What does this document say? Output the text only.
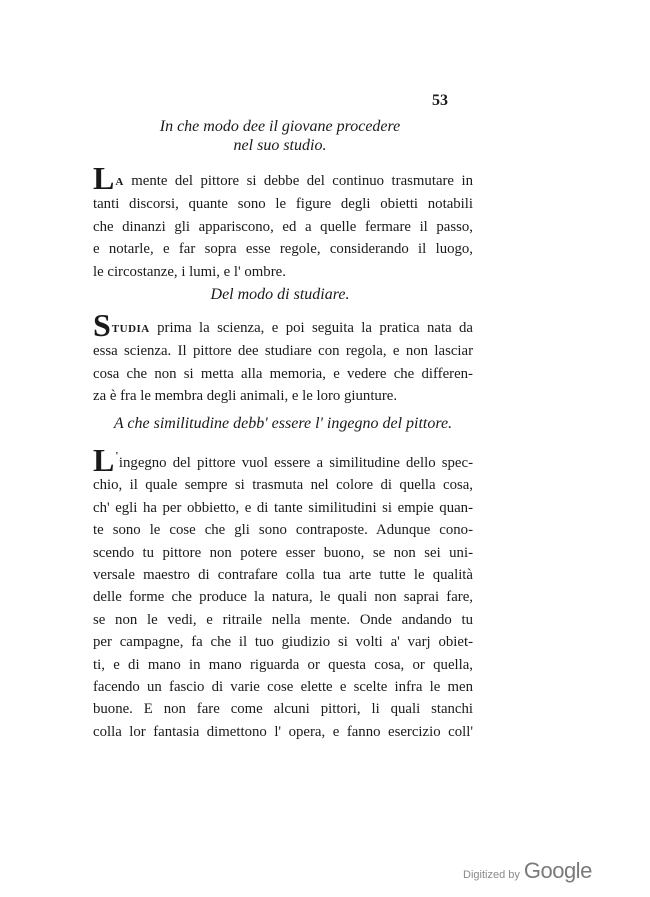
53
In che modo dee il giovane procedere
nel suo studio.
LA mente del pittore si debbe del continuo trasmutare in
tanti discorsi, quante sono le figure degli obietti notabili
che dinanzi gli appariscono, ed a quelle fermare il passo,
e notarle, e far sopra esse regole, considerando il luogo,
le circostanze, i lumi, e l' ombre.
Del modo di studiare.
STUDIA prima la scienza, e poi seguita la pratica nata da
essa scienza. Il pittore dee studiare con regola, e non lasciar
cosa che non si metta alla memoria, e vedere che differen-
za è fra le membra degli animali, e le loro giunture.
A che similitudine debb' essere l' ingegno del pittore.
L'ingegno del pittore vuol essere a similitudine dello spec-
chio, il quale sempre si trasmuta nel colore di quella cosa,
ch' egli ha per obbietto, e di tante similitudini si empie quan-
te sono le cose che gli sono contraposte. Adunque cono-
scendo tu pittore non potere esser buono, se non sei uni-
versale maestro di contrafare colla tua arte tutte le qualità
delle forme che produce la natura, le quali non saprai fare,
se non le vedi, e ritraile nella mente. Onde andando tu
per campagne, fa che il tuo giudizio si volti a' varj obiet-
ti, e di mano in mano riguarda or questa cosa, or quella,
facendo un fascio di varie cose elette e scelte infra le men
buone. E non fare come alcuni pittori, li quali stanchi
colla lor fantasia dimettono l' opera, e fanno esercizio coll'
Digitized by Google
